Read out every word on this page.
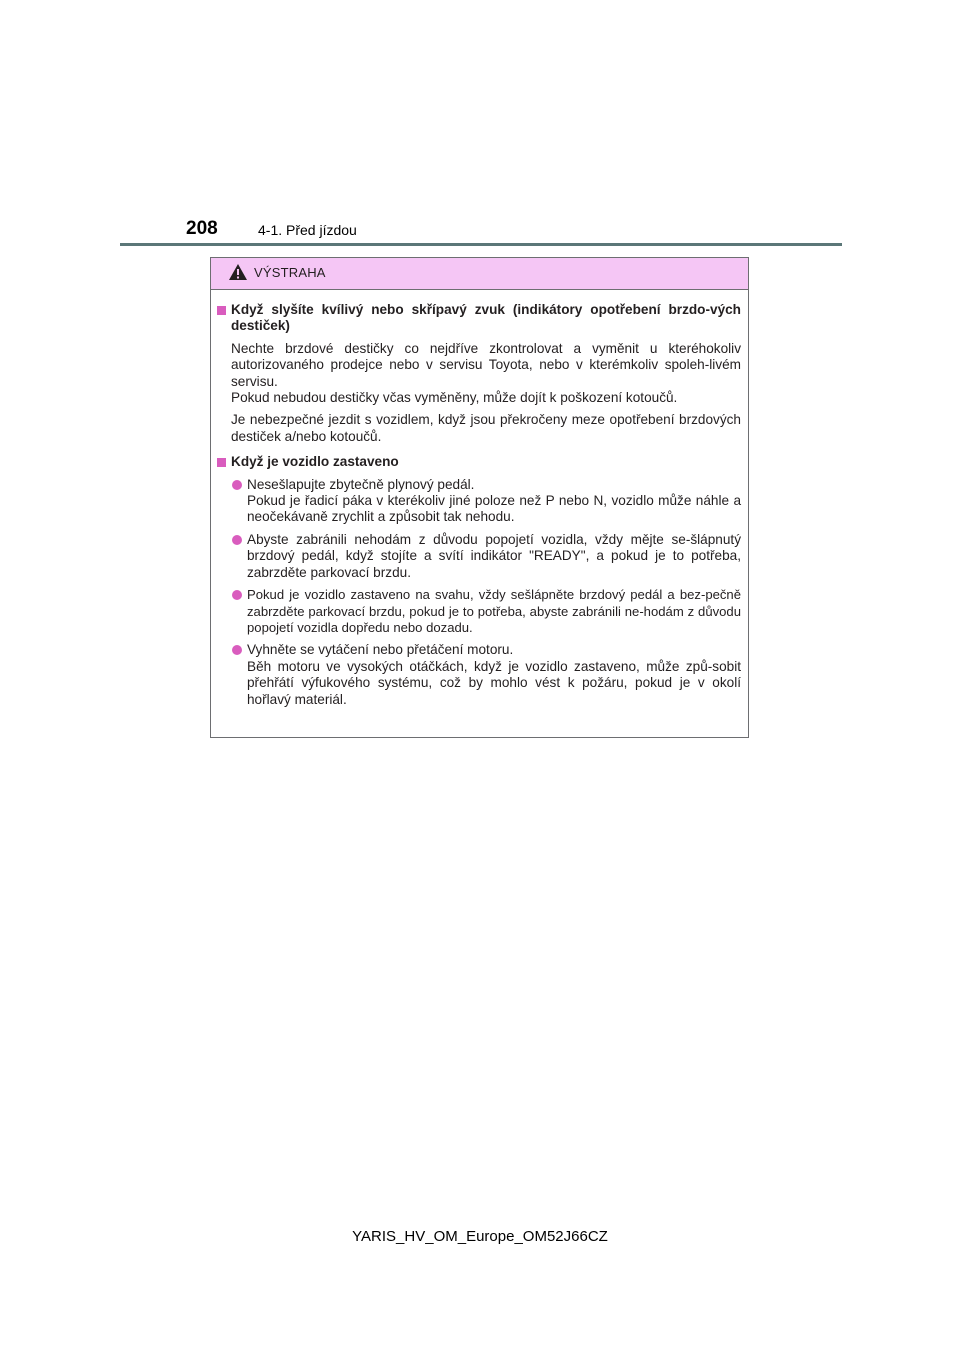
208	4-1. Před jízdou
VÝSTRAHA
Když slyšíte kvílivý nebo skřípavý zvuk (indikátory opotřebení brzdo-vých destiček)
Nechte brzdové destičky co nejdříve zkontrolovat a vyměnit u kteréhokoliv autorizovaného prodejce nebo v servisu Toyota, nebo v kterémkoliv spoleh-livém servisu.
Pokud nebudou destičky včas vyměněny, může dojít k poškození kotoučů.
Je nebezpečné jezdit s vozidlem, když jsou překročeny meze opotřebení brzdových destiček a/nebo kotoučů.
Když je vozidlo zastaveno
Nesešlapujte zbytečně plynový pedál.
Pokud je řadicí páka v kterékoliv jiné poloze než P nebo N, vozidlo může náhle a neočekávaně zrychlit a způsobit tak nehodu.
Abyste zabránili nehodám z důvodu popojetí vozidla, vždy mějte se-šlápnutý brzdový pedál, když stojíte a svítí indikátor "READY", a pokud je to potřeba, zabrzděte parkovací brzdu.
Pokud je vozidlo zastaveno na svahu, vždy sešlápněte brzdový pedál a bez-pečně zabrzděte parkovací brzdu, pokud je to potřeba, abyste zabránili ne-hodám z důvodu popojetí vozidla dopředu nebo dozadu.
Vyhněte se vytáčení nebo přetáčení motoru.
Běh motoru ve vysokých otáčkách, když je vozidlo zastaveno, může způ-sobit přehřátí výfukového systému, což by mohlo vést k požáru, pokud je v okolí hořlavý materiál.
YARIS_HV_OM_Europe_OM52J66CZ
